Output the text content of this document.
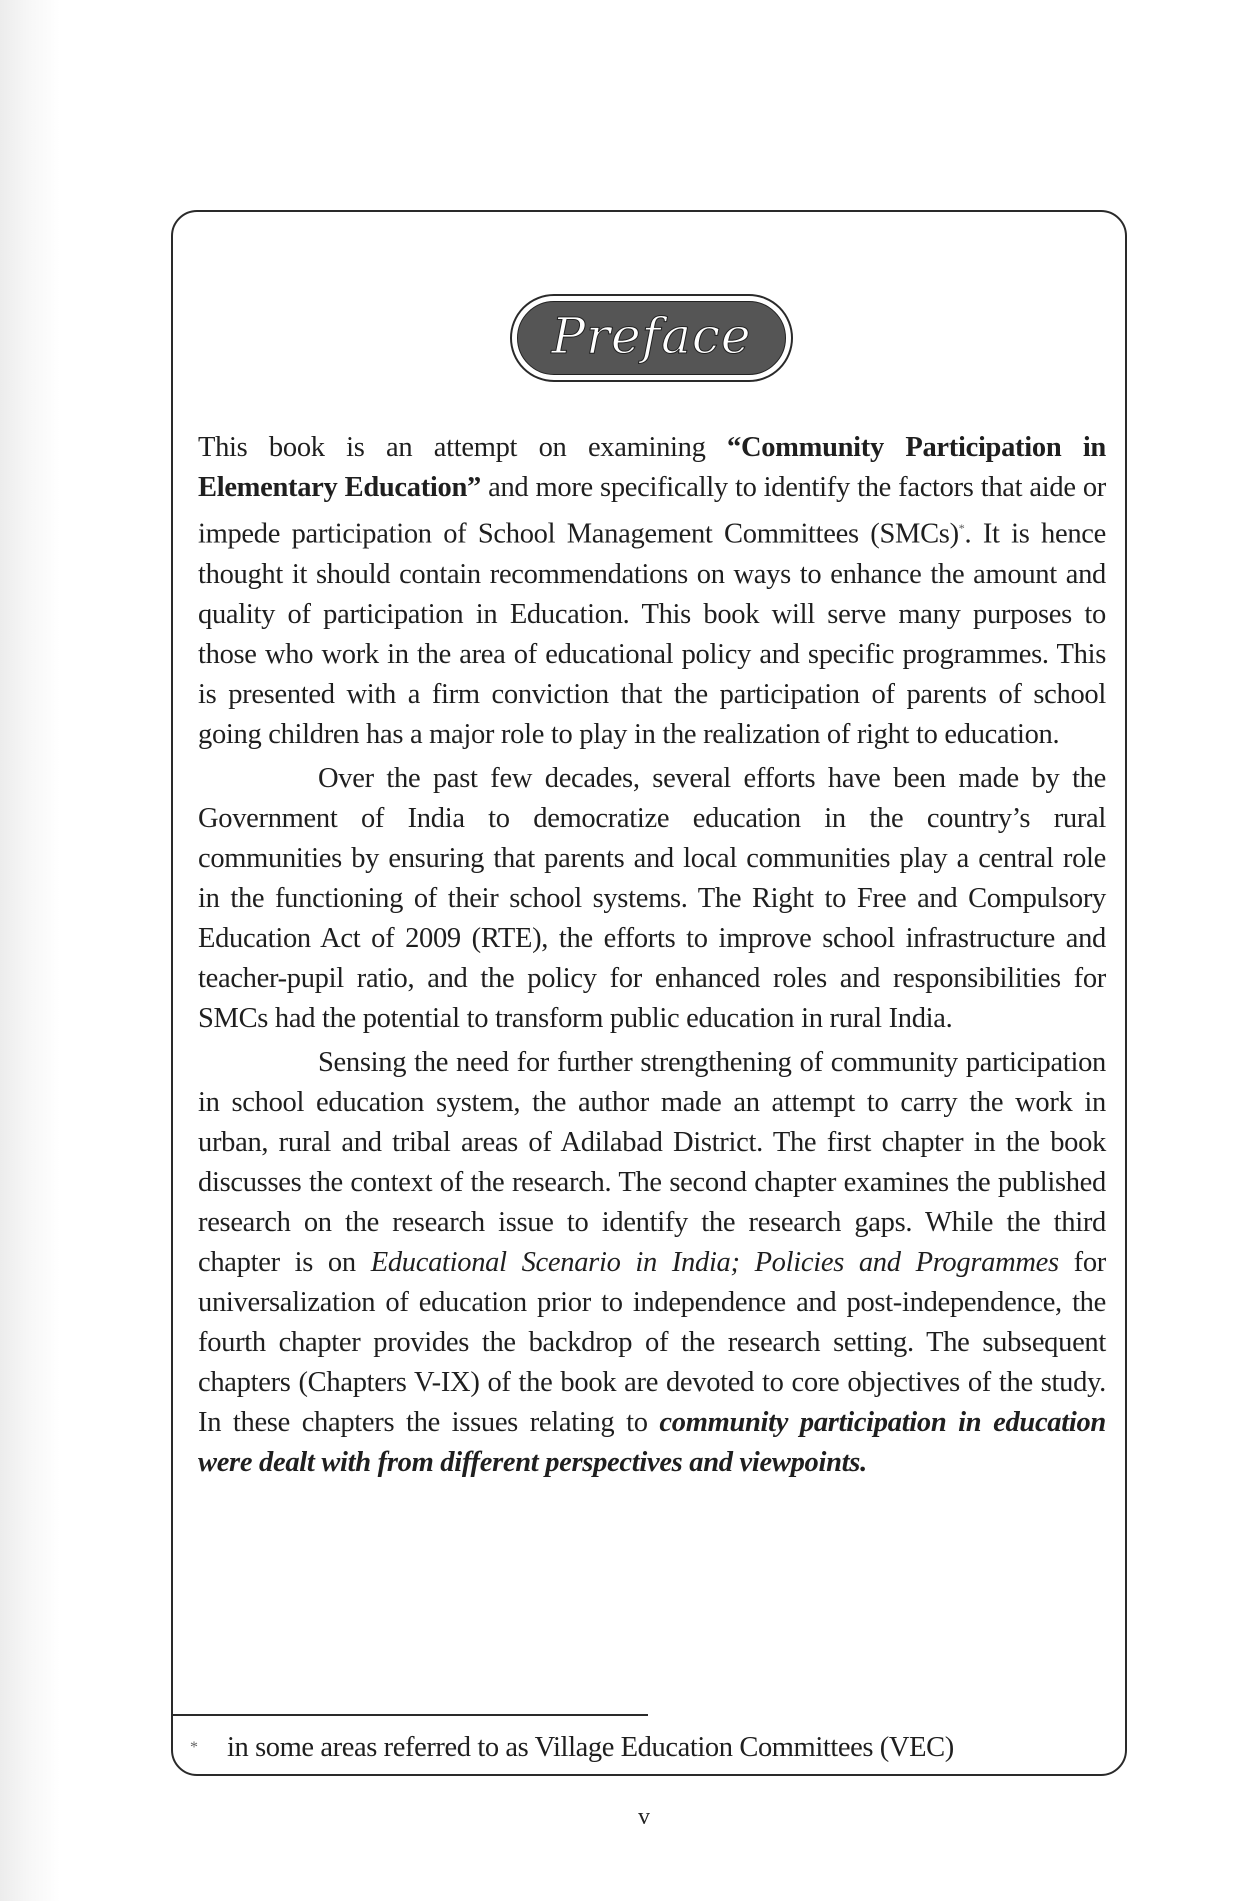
Preface

This book is an attempt on examining “Community Participation in Elementary Education” and more specifically to identify the factors that aide or impede participation of School Management Committees (SMCs)*. It is hence thought it should contain recommendations on ways to enhance the amount and quality of participation in Education. This book will serve many purposes to those who work in the area of educational policy and specific programmes. This is presented with a firm conviction that the participation of parents of school going children has a major role to play in the realization of right to education.

Over the past few decades, several efforts have been made by the Government of India to democratize education in the country’s rural communities by ensuring that parents and local communities play a central role in the functioning of their school systems. The Right to Free and Compulsory Education Act of 2009 (RTE), the efforts to improve school infrastructure and teacher-pupil ratio, and the policy for enhanced roles and responsibilities for SMCs had the potential to transform public education in rural India.

Sensing the need for further strengthening of community participation in school education system, the author made an attempt to carry the work in urban, rural and tribal areas of Adilabad District. The first chapter in the book discusses the context of the research. The second chapter examines the published research on the research issue to identify the research gaps. While the third chapter is on Educational Scenario in India; Policies and Programmes for universalization of education prior to independence and post-independence, the fourth chapter provides the backdrop of the research setting. The subsequent chapters (Chapters V-IX) of the book are devoted to core objectives of the study. In these chapters the issues relating to community participation in education were dealt with from different perspectives and viewpoints.

* in some areas referred to as Village Education Committees (VEC)
v
